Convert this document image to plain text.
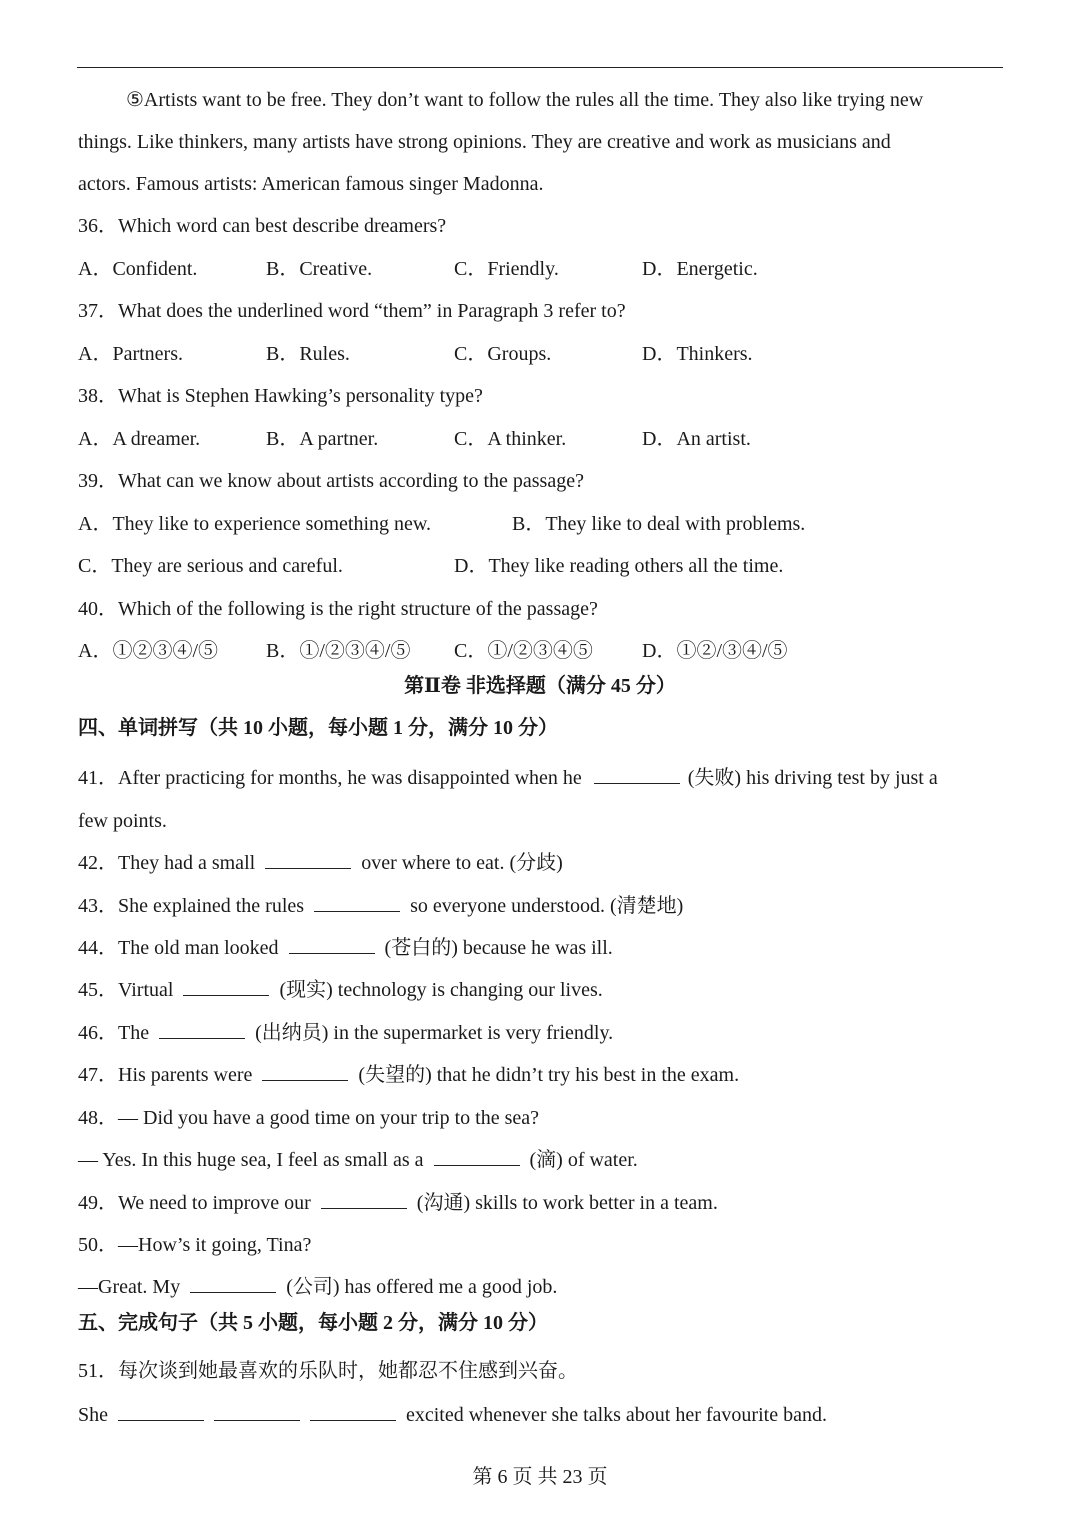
⑤Artists want to be free. They don’t want to follow the rules all the time. They also like trying new
things. Like thinkers, many artists have strong opinions. They are creative and work as musicians and
actors. Famous artists: American famous singer Madonna.
36．Which word can best describe dreamers?
A．Confident.	B．Creative.	C．Friendly.	D．Energetic.
37．What does the underlined word “them” in Paragraph 3 refer to?
A．Partners.	B．Rules.	C．Groups.	D．Thinkers.
38．What is Stephen Hawking’s personality type?
A．A dreamer.	B．A partner.	C．A thinker.	D．An artist.
39．What can we know about artists according to the passage?
A．They like to experience something new.	B．They like to deal with problems.
C．They are serious and careful.	D．They like reading others all the time.
40．Which of the following is the right structure of the passage?
A．①②③④/⑤ B．①/②③④/⑤ C．①/②③④⑤ D．①②/③④/⑤
第Ⅱ卷 非选择题（满分 45 分）
四、单词拼写（共 10 小题，每小题 1 分，满分 10 分）
41．After practicing for months, he was disappointed when he	(失败) his driving test by just a
few points.
42．They had a small	over where to eat. (分歧)
43．She explained the rules	so everyone understood. (清楚地)
44．The old man looked	(苍白的) because he was ill.
45．Virtual	(现实) technology is changing our lives.
46．The	(出纳员) in the supermarket is very friendly.
47．His parents were	(失望的) that he didn’t try his best in the exam.
48．— Did you have a good time on your trip to the sea?
— Yes. In this huge sea, I feel as small as a	(滴) of water.
49．We need to improve our	(沟通) skills to work better in a team.
50．—How’s it going, Tina?
—Great. My	(公司) has offered me a good job.
五、完成句子（共 5 小题，每小题 2 分，满分 10 分）
51．每次谈到她最喜欢的乐队时，她都忍不住感到兴奋。
She	excited whenever she talks about her favourite band.
第 6 页 共 23 页
